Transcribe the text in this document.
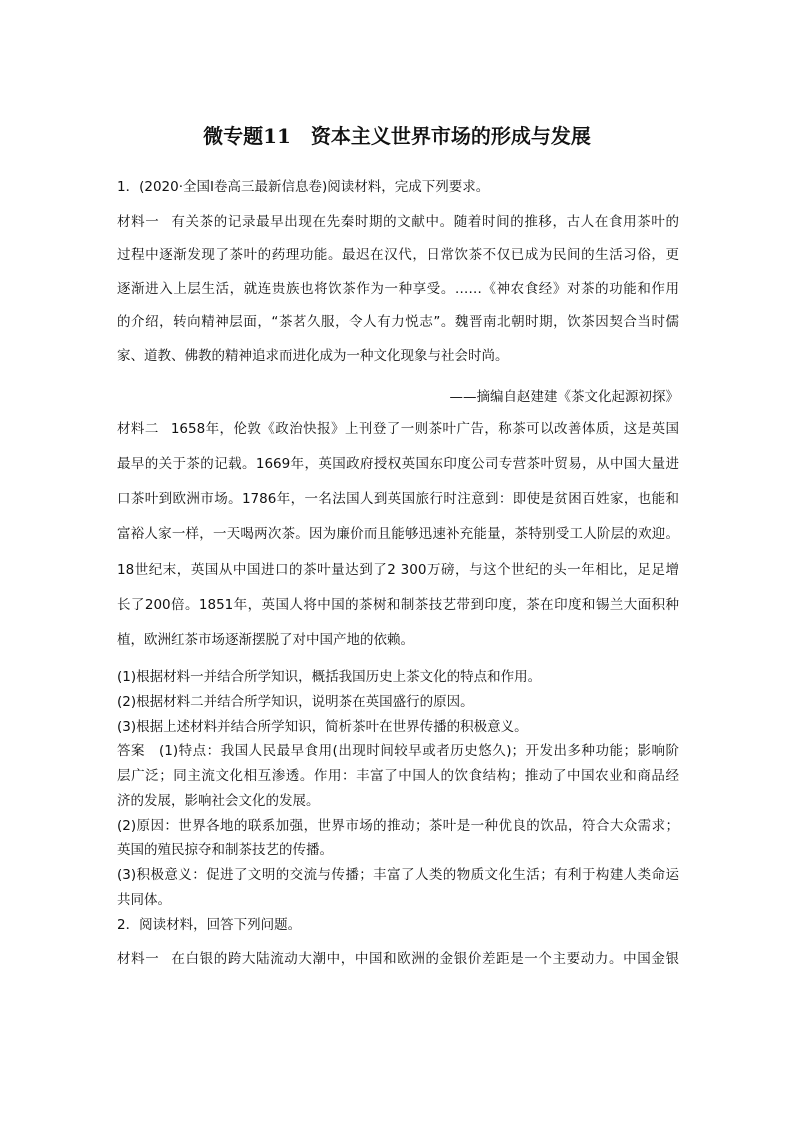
微专题11　资本主义世界市场的形成与发展
1．(2020·全国Ⅰ卷高三最新信息卷)阅读材料，完成下列要求。
材料一 有关茶的记录最早出现在先秦时期的文献中。随着时间的推移，古人在食用茶叶的
过程中逐渐发现了茶叶的药理功能。最迟在汉代，日常饮茶不仅已成为民间的生活习俗，更
逐渐进入上层生活，就连贵族也将饮茶作为一种享受。……《神农食经》对茶的功能和作用
的介绍，转向精神层面，“茶茗久服，令人有力悦志”。魏晋南北朝时期，饮茶因契合当时儒
家、道教、佛教的精神追求而进化成为一种文化现象与社会时尚。
——摘编自赵建建《茶文化起源初探》
材料二 1658年，伦敦《政治快报》上刊登了一则茶叶广告，称茶可以改善体质，这是英国
最早的关于茶的记载。1669年，英国政府授权英国东印度公司专营茶叶贸易，从中国大量进
口茶叶到欧洲市场。1786年，一名法国人到英国旅行时注意到：即使是贫困百姓家，也能和
富裕人家一样，一天喝两次茶。因为廉价而且能够迅速补充能量，茶特别受工人阶层的欢迎。
18世纪末，英国从中国进口的茶叶量达到了2 300万磅，与这个世纪的头一年相比，足足增
长了200倍。1851年，英国人将中国的茶树和制茶技艺带到印度，茶在印度和锡兰大面积种
植，欧洲红茶市场逐渐摆脱了对中国产地的依赖。
(1)根据材料一并结合所学知识，概括我国历史上茶文化的特点和作用。
(2)根据材料二并结合所学知识，说明茶在英国盛行的原因。
(3)根据上述材料并结合所学知识，简析茶叶在世界传播的积极意义。
答案　(1)特点：我国人民最早食用(出现时间较早或者历史悠久)；开发出多种功能；影响阶
层广泛；同主流文化相互渗透。作用：丰富了中国人的饮食结构；推动了中国农业和商品经
济的发展，影响社会文化的发展。
(2)原因：世界各地的联系加强，世界市场的推动；茶叶是一种优良的饮品，符合大众需求；
英国的殖民掠夺和制茶技艺的传播。
(3)积极意义：促进了文明的交流与传播；丰富了人类的物质文化生活；有利于构建人类命运
共同体。
2．阅读材料，回答下列问题。
材料一 在白银的跨大陆流动大潮中，中国和欧洲的金银价差距是一个主要动力。中国金银
